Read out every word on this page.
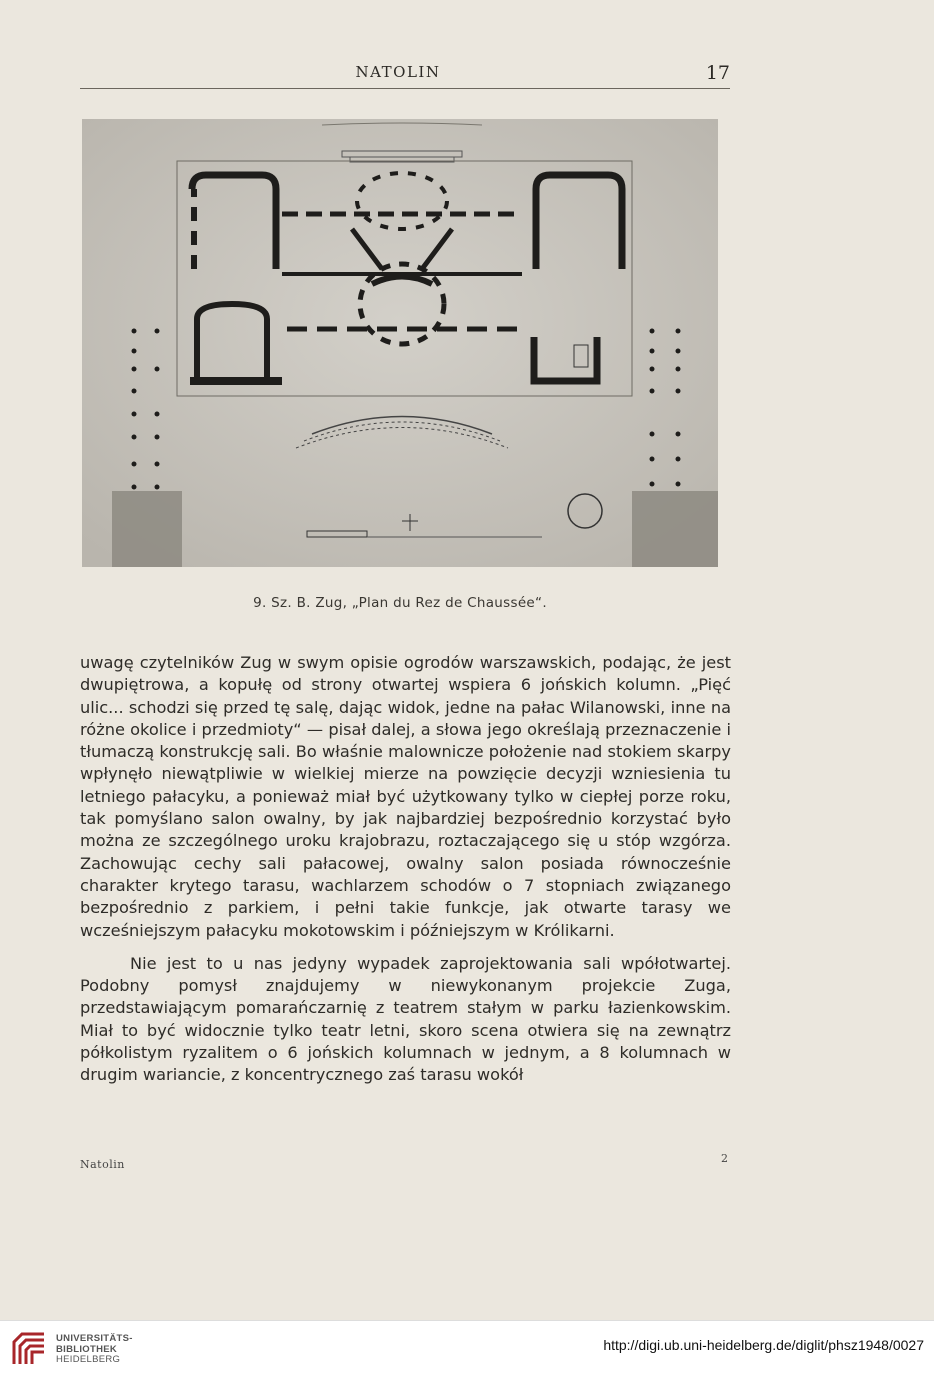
NATOLIN	17
9. Sz. B. Zug, „Plan du Rez de Chaussée“.

uwagę czytelników Zug w swym opisie ogrodów warszawskich, podając, że jest dwupiętrowa, a kopułę od strony otwartej wspiera 6 jońskich kolumn. „Pięć ulic... schodzi się przed tę salę, dając widok, jedne na pałac Wilanowski, inne na różne okolice i przedmioty“ — pisał dalej, a słowa jego określają przeznaczenie i tłumaczą konstrukcję sali. Bo właśnie malownicze położenie nad stokiem skarpy wpłynęło niewątpliwie w wielkiej mierze na powzięcie decyzji wzniesienia tu letniego pałacyku, a ponieważ miał być użytkowany tylko w ciepłej porze roku, tak pomyślano salon owalny, by jak najbardziej bezpośrednio korzystać było można ze szczególnego uroku krajobrazu, roztaczającego się u stóp wzgórza. Zachowując cechy sali pałacowej, owalny salon posiada równocześnie charakter krytego tarasu, wachlarzem schodów o 7 stopniach związanego bezpośrednio z parkiem, i pełni takie funkcje, jak otwarte tarasy we wcześniejszym pałacyku mokotowskim i późniejszym w Królikarni.

Nie jest to u nas jedyny wypadek zaprojektowania sali wpółotwartej. Podobny pomysł znajdujemy w niewykonanym projekcie Zuga, przedstawiającym pomarańczarnię z teatrem stałym w parku łazienkowskim. Miał to być widocznie tylko teatr letni, skoro scena otwiera się na zewnątrz półkolistym ryzalitem o 6 jońskich kolumnach w jednym, a 8 kolumnach w drugim wariancie, z koncentrycznego zaś tarasu wokół

Natolin	2
UNIVERSITÄTS-
BIBLIOTHEK
HEIDELBERG
http://digi.ub.uni-heidelberg.de/diglit/phsz1948/0027
